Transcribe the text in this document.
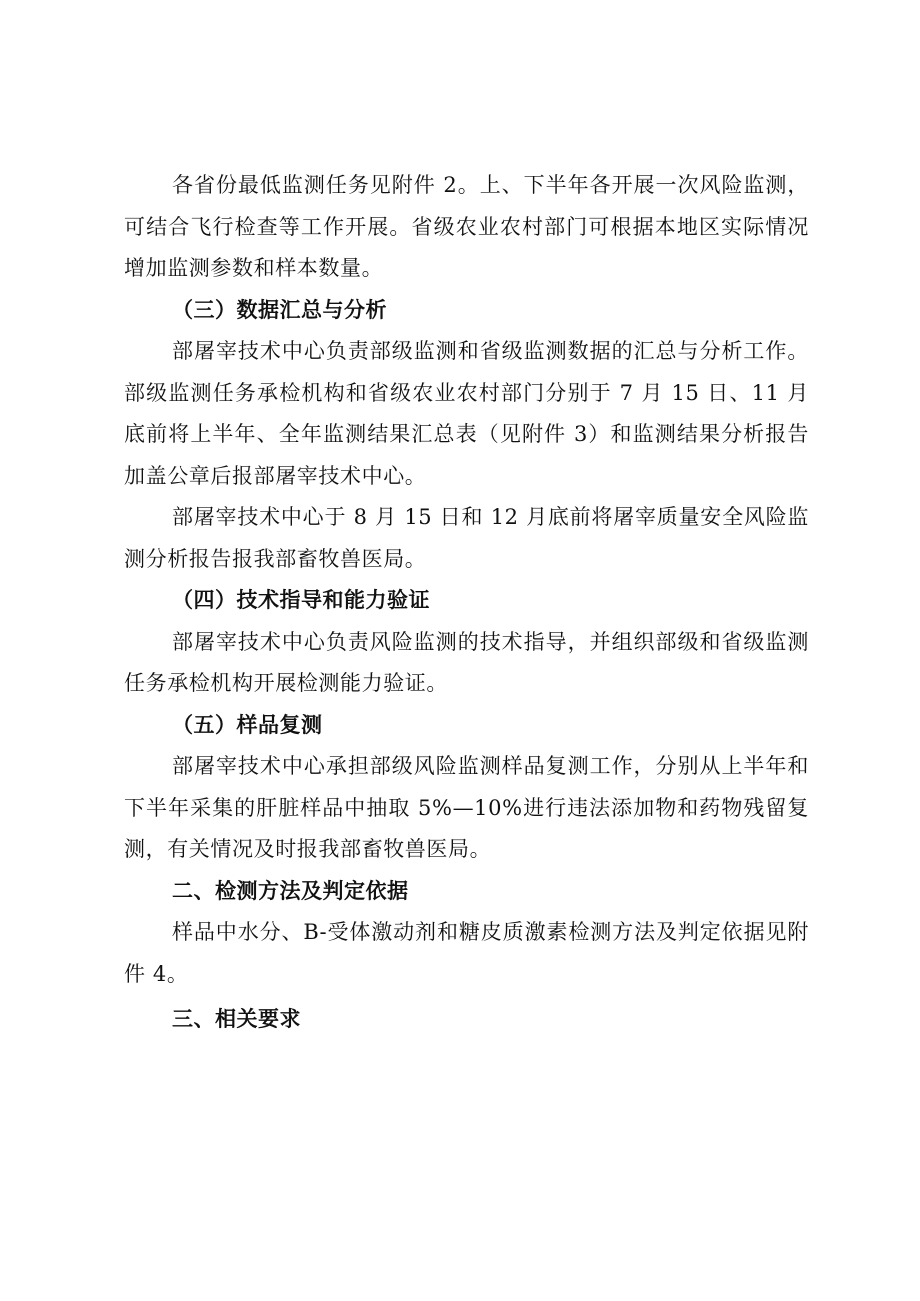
各省份最低监测任务见附件 2。上、下半年各开展一次风险监测，可结合飞行检查等工作开展。省级农业农村部门可根据本地区实际情况增加监测参数和样本数量。

（三）数据汇总与分析

部屠宰技术中心负责部级监测和省级监测数据的汇总与分析工作。部级监测任务承检机构和省级农业农村部门分别于 7 月 15 日、11 月底前将上半年、全年监测结果汇总表（见附件 3）和监测结果分析报告加盖公章后报部屠宰技术中心。

部屠宰技术中心于 8 月 15 日和 12 月底前将屠宰质量安全风险监测分析报告报我部畜牧兽医局。

（四）技术指导和能力验证

部屠宰技术中心负责风险监测的技术指导，并组织部级和省级监测任务承检机构开展检测能力验证。

（五）样品复测

部屠宰技术中心承担部级风险监测样品复测工作，分别从上半年和下半年采集的肝脏样品中抽取 5%—10%进行违法添加物和药物残留复测，有关情况及时报我部畜牧兽医局。

二、检测方法及判定依据

样品中水分、Β-受体激动剂和糖皮质激素检测方法及判定依据见附件 4。

三、相关要求
